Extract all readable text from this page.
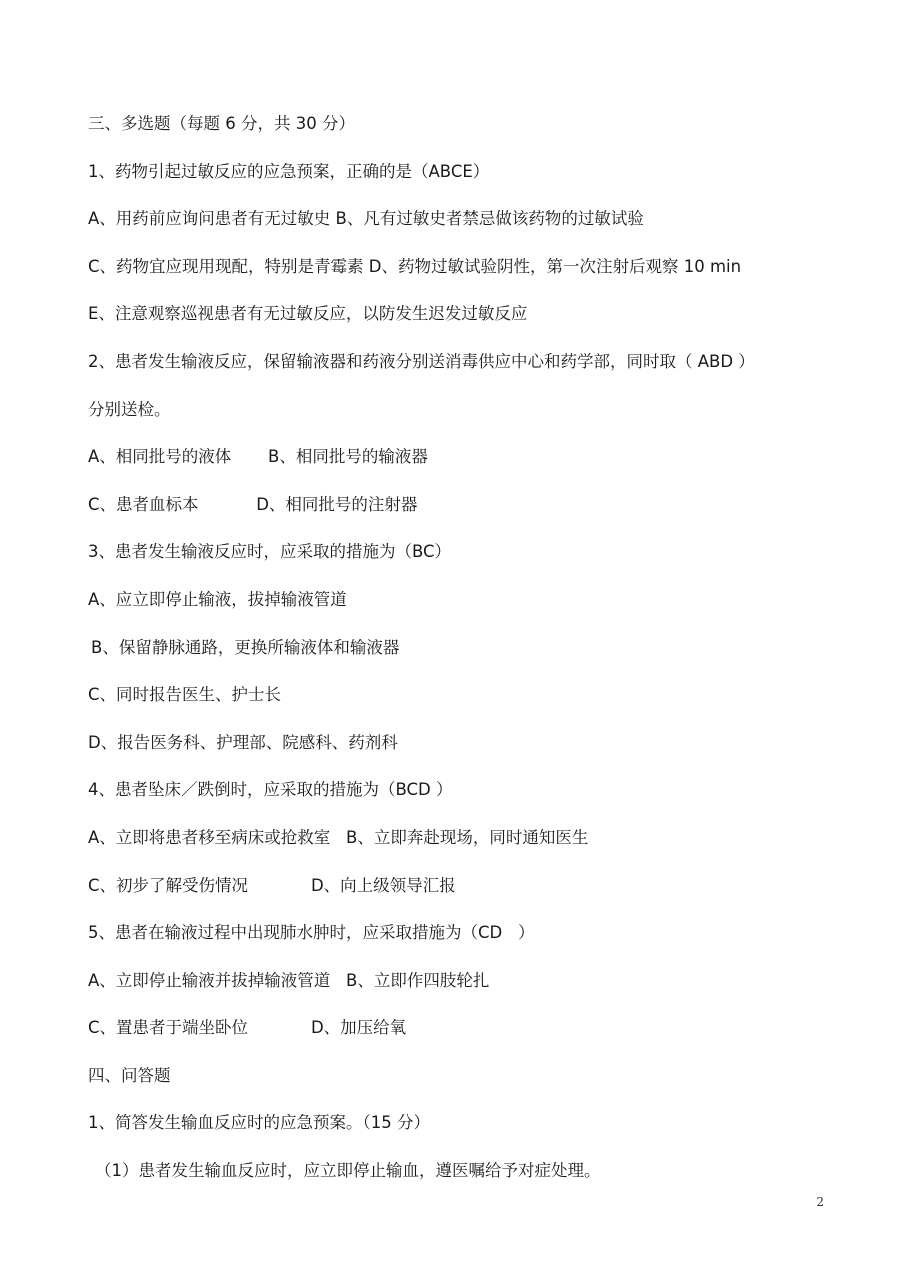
三、多选题（每题 6 分，共 30 分）
1、药物引起过敏反应的应急预案，正确的是（ABCE）
A、用药前应询问患者有无过敏史 B、凡有过敏史者禁忌做该药物的过敏试验
C、药物宜应现用现配，特别是青霉素 D、药物过敏试验阴性，第一次注射后观察 10 min
E、注意观察巡视患者有无过敏反应，以防发生迟发过敏反应
2、患者发生输液反应，保留输液器和药液分别送消毒供应中心和药学部，同时取（ ABD ）
分别送检。
A、相同批号的液体       B、相同批号的输液器
C、患者血标本           D、相同批号的注射器
3、患者发生输液反应时，应采取的措施为（BC）
A、应立即停止输液，拔掉输液管道
B、保留静脉通路，更换所输液体和输液器
C、同时报告医生、护士长
D、报告医务科、护理部、院感科、药剂科
4、患者坠床／跌倒时，应采取的措施为（BCD ）
A、立即将患者移至病床或抢救室   B、立即奔赴现场，同时通知医生
C、初步了解受伤情况            D、向上级领导汇报
5、患者在输液过程中出现肺水肿时，应采取措施为（CD   ）
A、立即停止输液并拔掉输液管道   B、立即作四肢轮扎
C、置患者于端坐卧位            D、加压给氧
四、问答题
1、简答发生输血反应时的应急预案。（15 分）
（1）患者发生输血反应时，应立即停止输血，遵医嘱给予对症处理。
2
